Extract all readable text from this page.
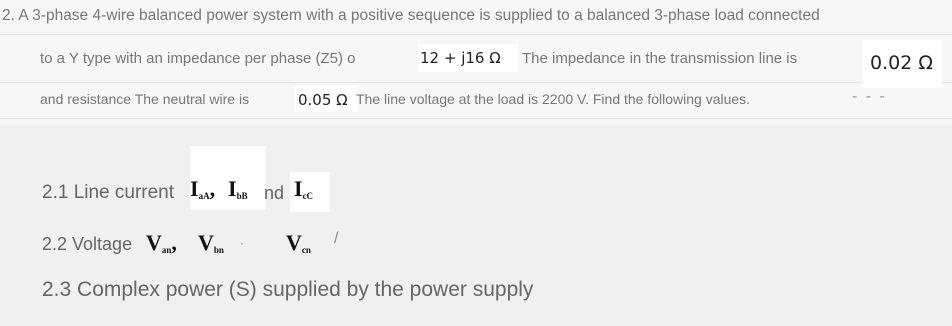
2. A 3-phase 4-wire balanced power system with a positive sequence is supplied to a balanced 3-phase load connected
to a Y type with an impedance per phase (Z5) o	The impedance in the transmission line is
12 + j16 Ω	0.02 Ω
and resistance The neutral wire is	0.05 Ω The line voltage at the load is 2200 V. Find the following values.	- - -
2.1 Line current $I_{aA}$, $I_{bB}$ nd $I_{cC}$
2.2 Voltage $V_{an}$, $V_{bn} \cdot V_{cn}$
/
2.3 Complex power (S) supplied by the power supply
